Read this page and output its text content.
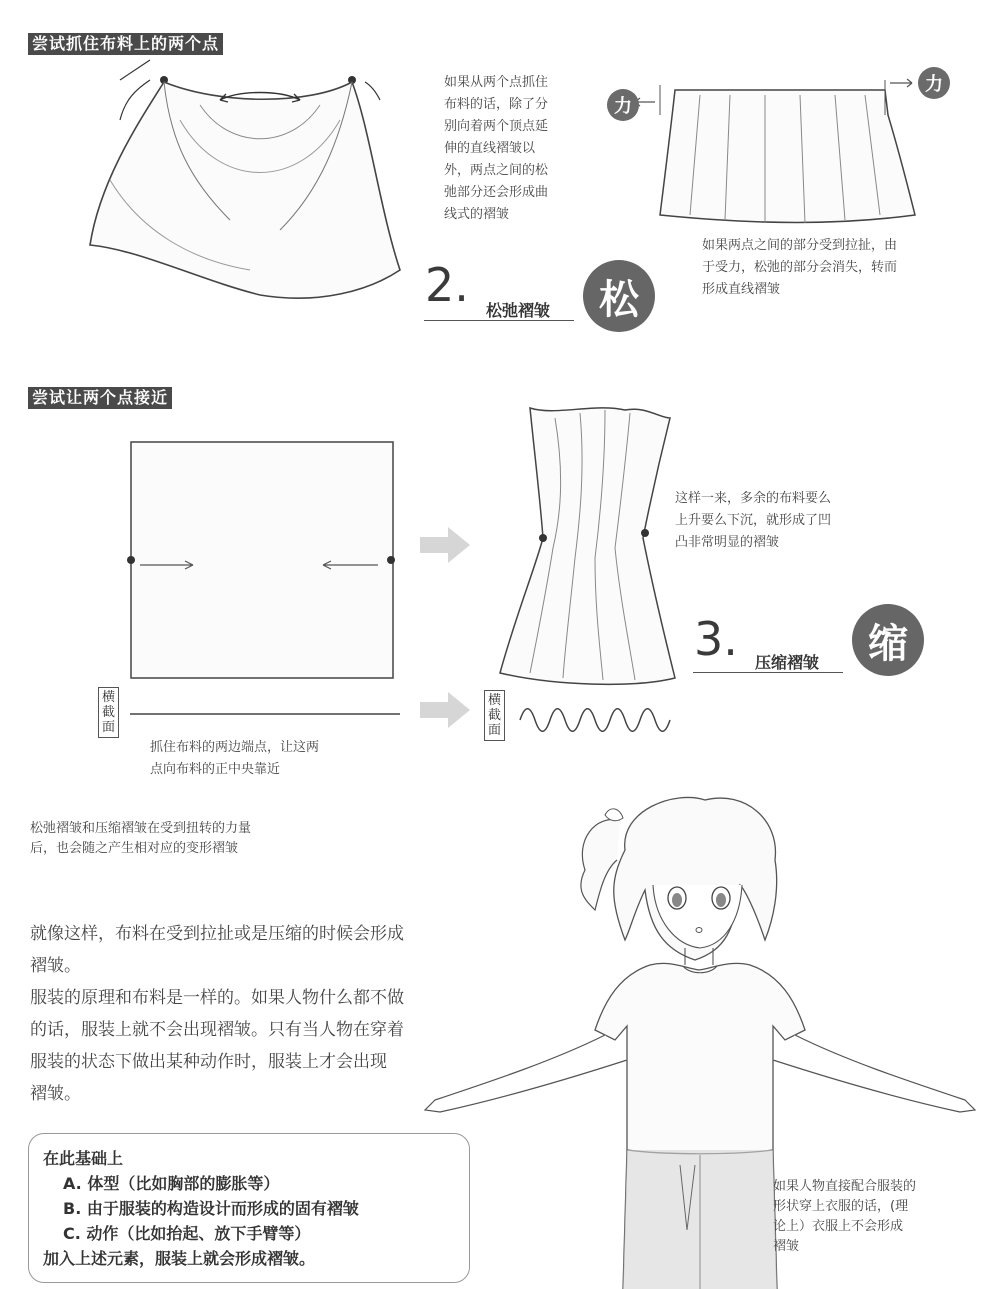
尝试抓住布料上的两个点
如果从两个点抓住
布料的话，除了分
别向着两个顶点延
伸的直线褶皱以
外，两点之间的松
弛部分还会形成曲
线式的褶皱
力
力
如果两点之间的部分受到拉扯，由
于受力，松弛的部分会消失，转而
形成直线褶皱
2. 松弛褶皱	松
尝试让两个点接近
横截面
横截面
抓住布料的两边端点，让这两
点向布料的正中央靠近
这样一来，多余的布料要么
上升要么下沉，就形成了凹
凸非常明显的褶皱
3. 压缩褶皱	缩
松弛褶皱和压缩褶皱在受到扭转的力量
后，也会随之产生相对应的变形褶皱
就像这样，布料在受到拉扯或是压缩的时候会形成
褶皱。
服装的原理和布料是一样的。如果人物什么都不做
的话，服装上就不会出现褶皱。只有当人物在穿着
服装的状态下做出某种动作时，服装上才会出现
褶皱。

在此基础上

A. 体型（比如胸部的膨胀等）

B. 由于服装的构造设计而形成的固有褶皱

C. 动作（比如抬起、放下手臂等）

加入上述元素，服装上就会形成褶皱。

如果人物直接配合服装的
形状穿上衣服的话，(理
论上）衣服上不会形成
褶皱
